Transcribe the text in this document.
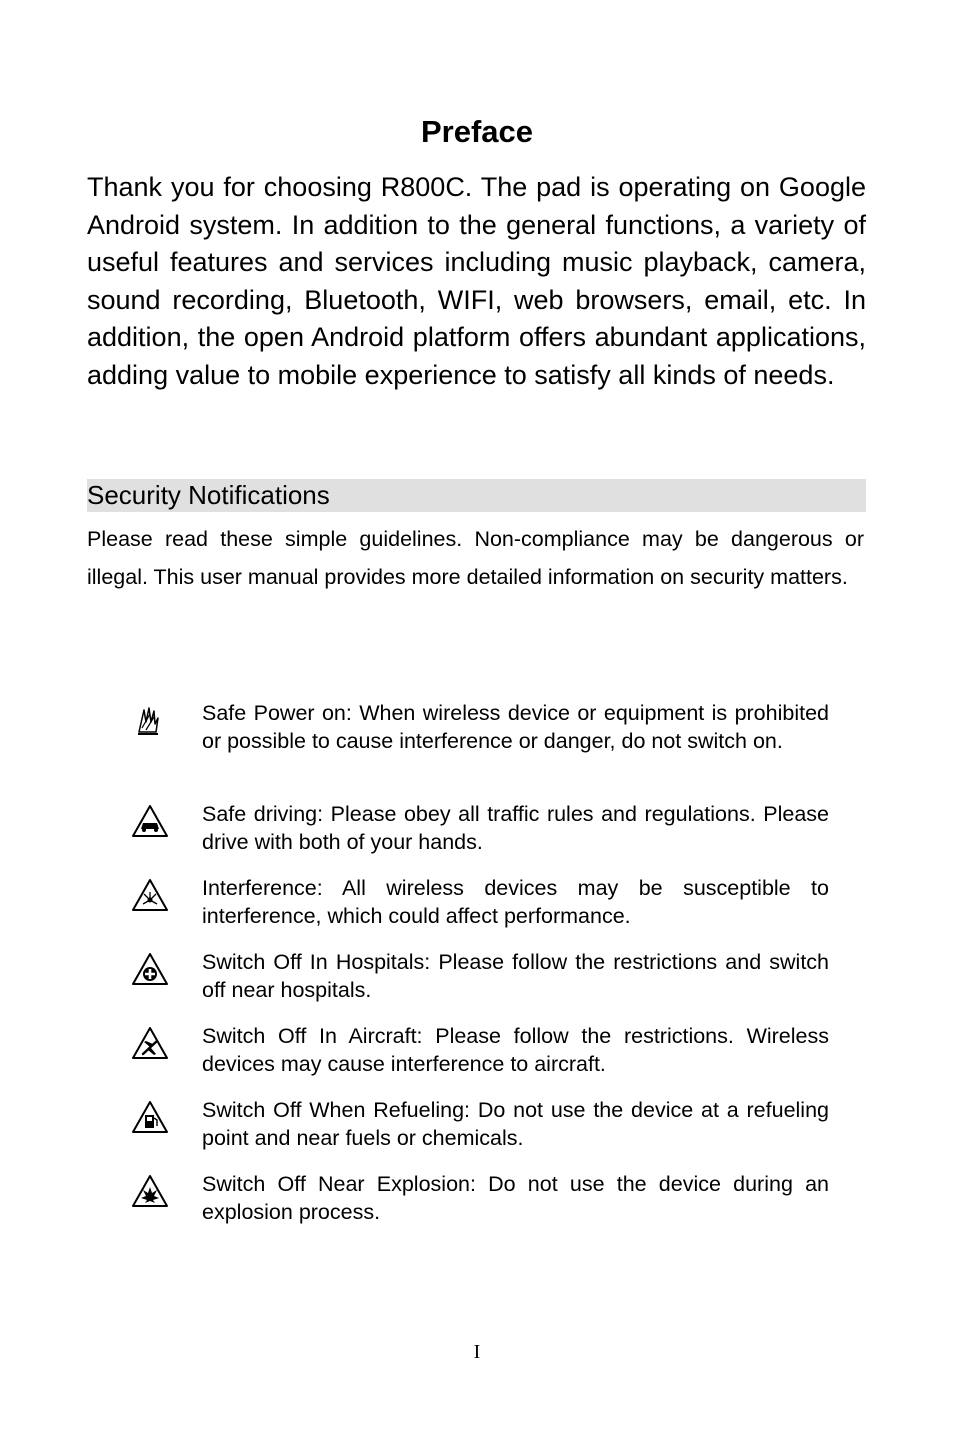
Preface

Thank you for choosing R800C. The pad is operating on Google Android system. In addition to the general functions, a variety of useful features and services including music playback, camera, sound recording, Bluetooth, WIFI, web browsers, email, etc. In addition, the open Android platform offers abundant applications, adding value to mobile experience to satisfy all kinds of needs.

Security Notifications

Please read these simple guidelines. Non-compliance may be dangerous or illegal. This user manual provides more detailed information on security matters.

Safe Power on: When wireless device or equipment is prohibited or possible to cause interference or danger, do not switch on.

Safe driving: Please obey all traffic rules and regulations. Please drive with both of your hands.

Interference: All wireless devices may be susceptible to interference, which could affect performance.

Switch Off In Hospitals: Please follow the restrictions and switch off near hospitals.

Switch Off In Aircraft: Please follow the restrictions. Wireless devices may cause interference to aircraft.

Switch Off When Refueling: Do not use the device at a refueling point and near fuels or chemicals.

Switch Off Near Explosion: Do not use the device during an explosion process.

I
